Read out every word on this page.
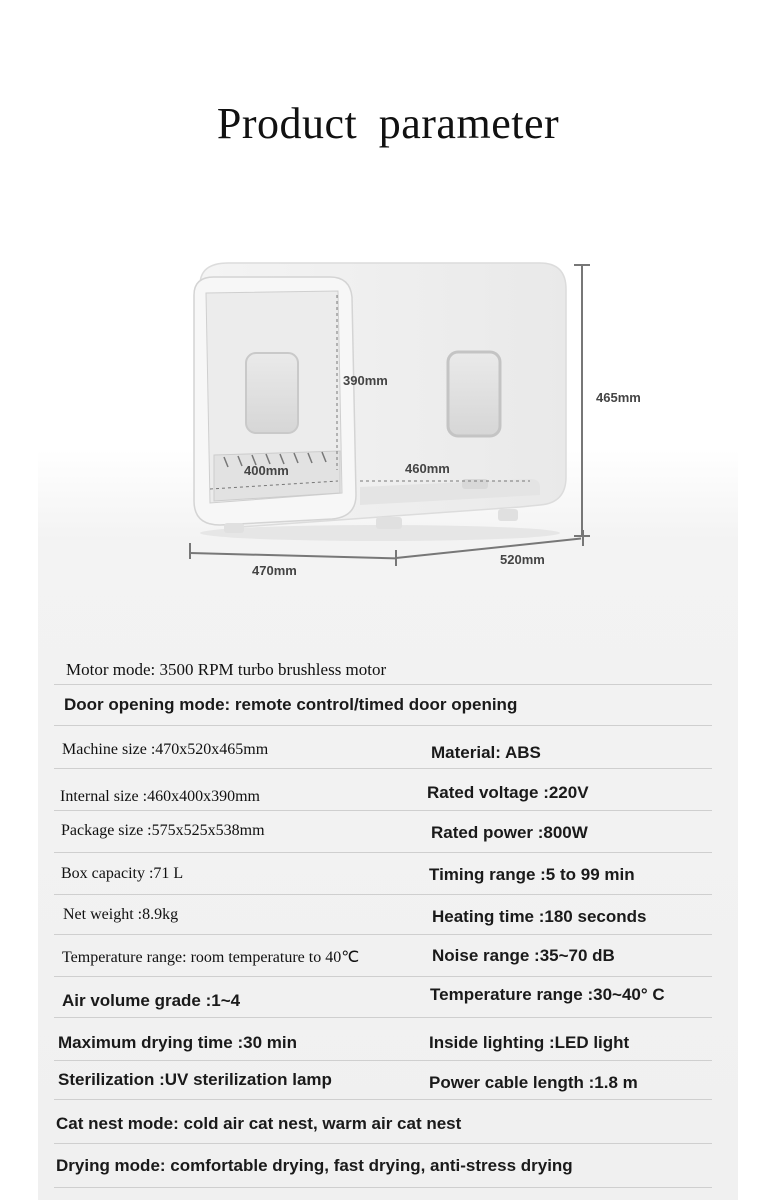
Product parameter
465mm
390mm
400mm	460mm
470mm
520mm
Motor mode: 3500 RPM turbo brushless motor
Door opening mode: remote control/timed door opening
Machine size :470x520x465mm	Material: ABS
Internal size :460x400x390mm	Rated voltage :220V
Package size :575x525x538mm	Rated power :800W
Box capacity :71 L	Timing range :5 to 99 min
Net weight :8.9kg	Heating time :180 seconds
Temperature range: room temperature to 40℃	Noise range :35~70 dB
Air volume grade :1~4	Temperature range :30~40° C
Maximum drying time :30 min	Inside lighting :LED light
Sterilization :UV sterilization lamp	Power cable length :1.8 m
Cat nest mode: cold air cat nest, warm air cat nest
Drying mode: comfortable drying, fast drying, anti-stress drying
